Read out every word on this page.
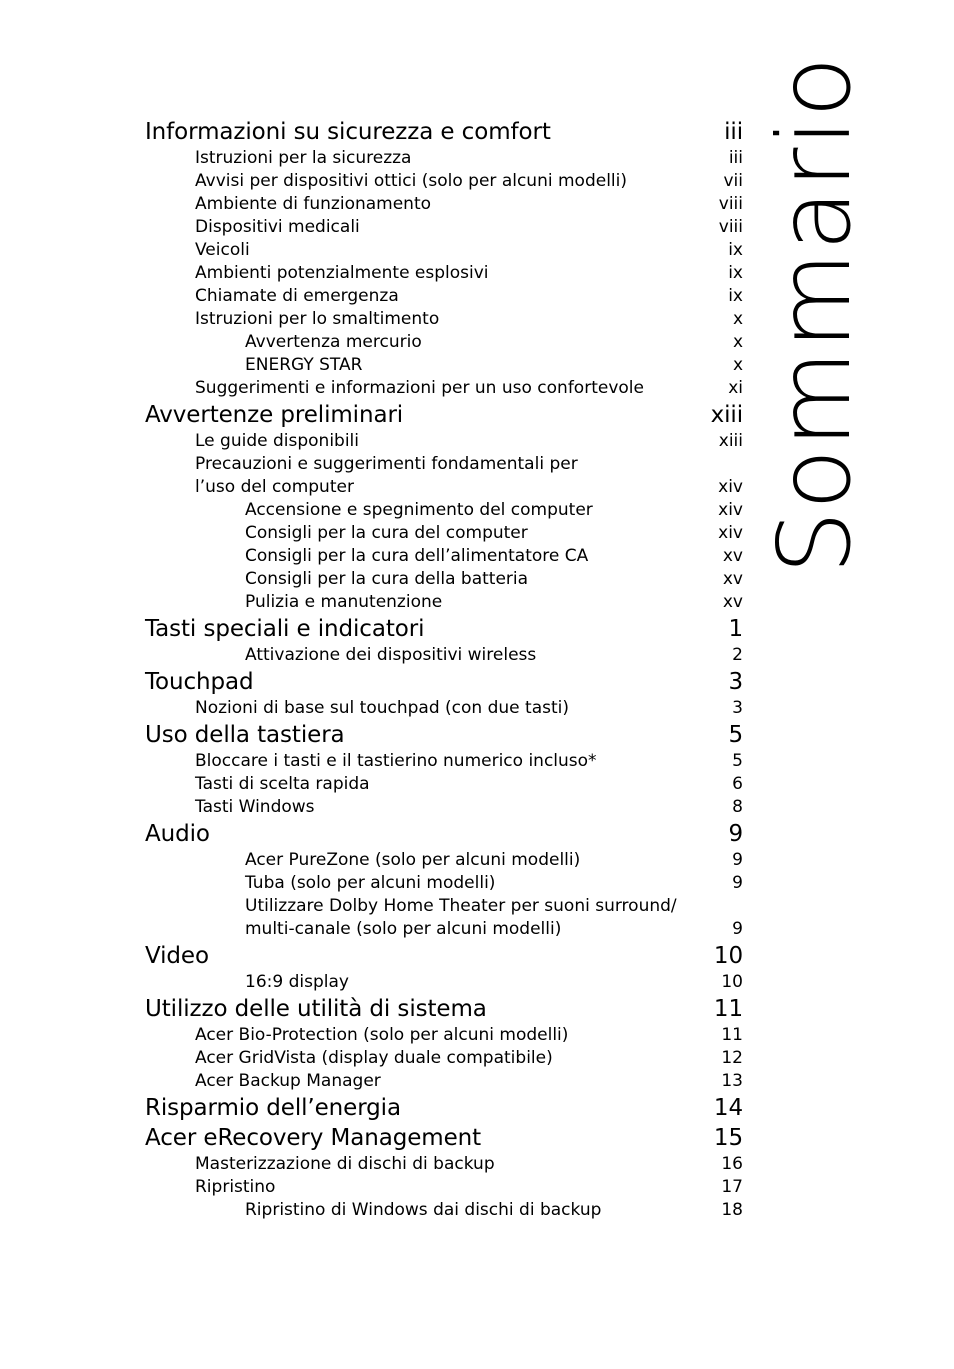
Informazioni su sicurezza e comfort	iii
Istruzioni per la sicurezza	iii
Avvisi per dispositivi ottici (solo per alcuni modelli)	vii
Ambiente di funzionamento	viii
Dispositivi medicali	viii
Veicoli	ix
Ambienti potenzialmente esplosivi	ix
Chiamate di emergenza	ix
Istruzioni per lo smaltimento	x
Avvertenza mercurio	x
ENERGY STAR	x
Suggerimenti e informazioni per un uso confortevole	xi
Avvertenze preliminari	xiii
Le guide disponibili	xiii
Precauzioni e suggerimenti fondamentali per
l’uso del computer	xiv
Accensione e spegnimento del computer	xiv
Consigli per la cura del computer	xiv
Consigli per la cura dell’alimentatore CA	xv
Consigli per la cura della batteria	xv
Pulizia e manutenzione	xv
Tasti speciali e indicatori	1
Attivazione dei dispositivi wireless	2
Touchpad	3
Nozioni di base sul touchpad (con due tasti)	3
Uso della tastiera	5
Bloccare i tasti e il tastierino numerico incluso*	5
Tasti di scelta rapida	6
Tasti Windows	8
Audio	9
Acer PureZone (solo per alcuni modelli)	9
Tuba (solo per alcuni modelli)	9
Utilizzare Dolby Home Theater per suoni surround/
multi-canale (solo per alcuni modelli)	9
Video	10
16:9 display	10
Utilizzo delle utilità di sistema	11
Acer Bio-Protection (solo per alcuni modelli)	11
Acer GridVista (display duale compatibile)	12
Acer Backup Manager	13
Risparmio dell’energia	14
Acer eRecovery Management	15
Masterizzazione di dischi di backup	16
Ripristino	17
Ripristino di Windows dai dischi di backup	18
Sommario
